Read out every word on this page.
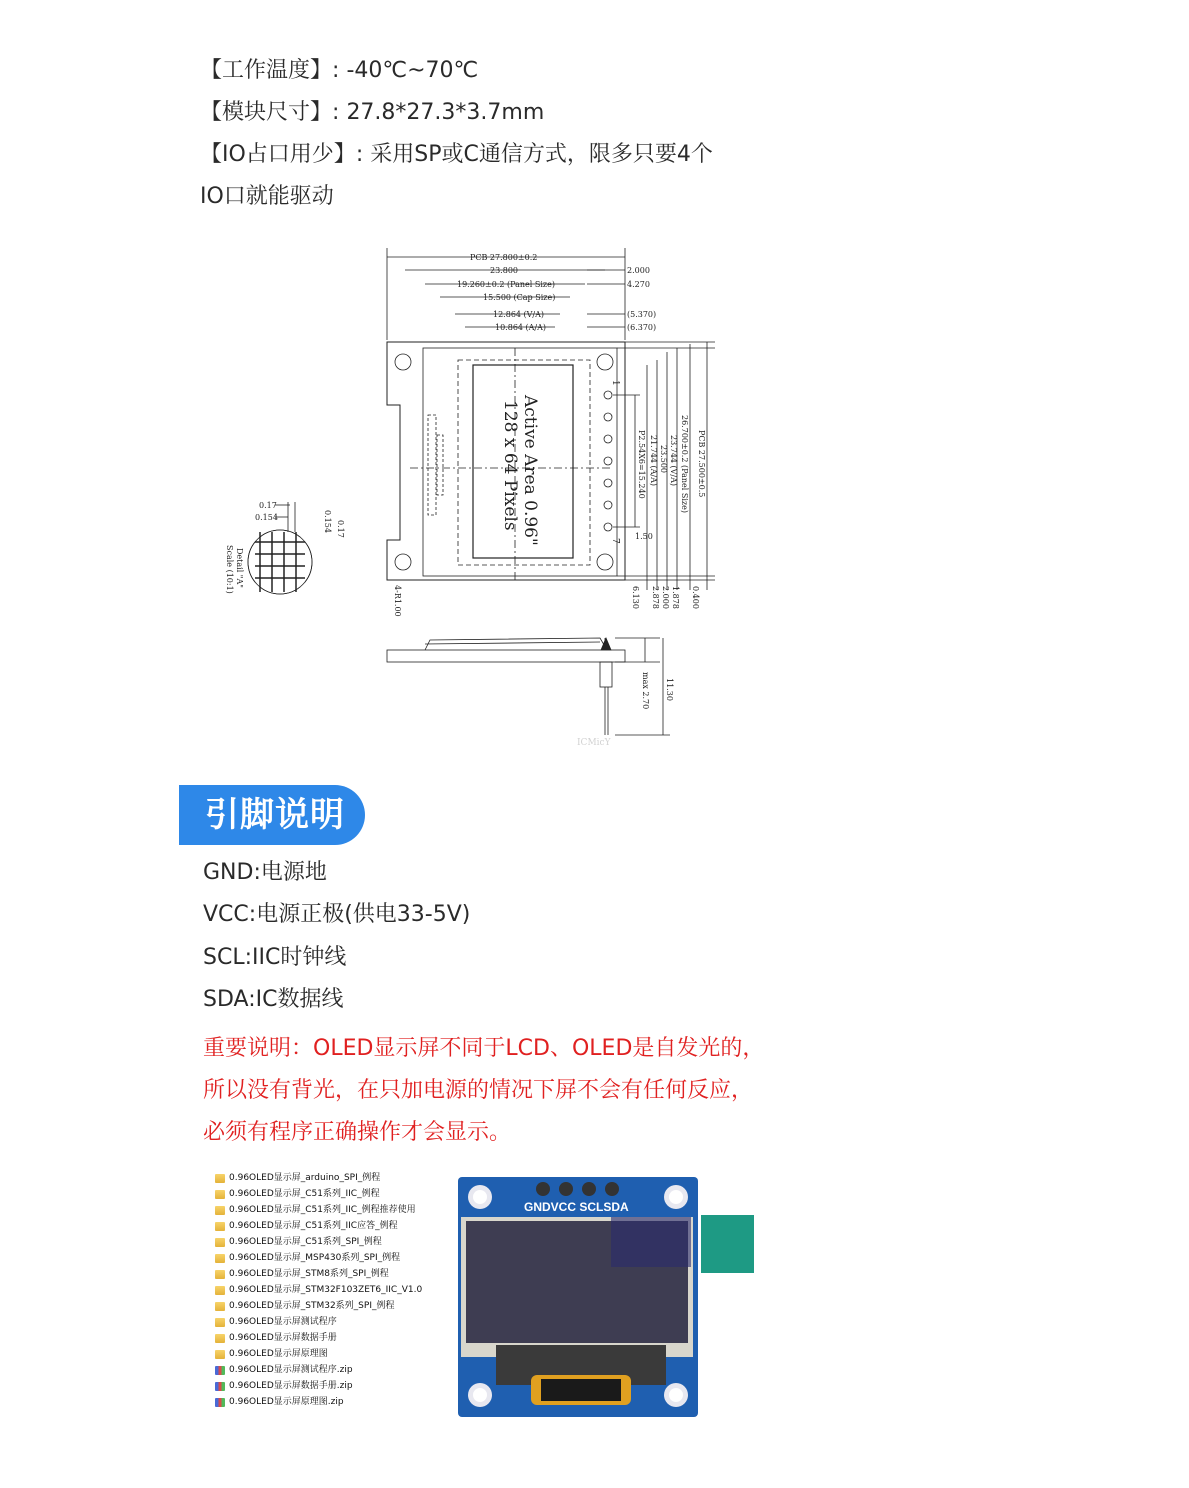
【工作温度】: -40℃~70℃
【模块尺寸】: 27.8*27.3*3.7mm
【IO占口用少】: 采用SP或C通信方式，限多只要4个
IO口就能驱动
PCB 27.800±0.2
23.800
19.260±0.2 (Panel Size)
15.500 (Cap Size)
12.864 (V/A)
10.864 (A/A)
2.000
4.270
(5.370)
(6.370)
Active Area 0.96"
128 x 64 Pixels
1
7 1.50
P2.54X6=15.240 21.744 (A/A) 23.500 23.744 (V/A) 26.700±0.2 (Panel Size) PCB 27.500±0.5
6.130 2.878 2.000 1.878 0.400
4-R1.00
0.17
0.154	0.154 0.17
Detail "A"
Scale (10:1)
max 2.70 11.30
ICMicY
引脚说明
GND:电源地
VCC:电源正极(供电33-5V)
SCL:IIC时钟线
SDA:IC数据线
重要说明：OLED显示屏不同于LCD、OLED是自发光的，所以没有背光，在只加电源的情况下屏不会有任何反应，必须有程序正确操作才会显示。
0.96OLED显示屏_arduino_SPI_例程
0.96OLED显示屏_C51系列_IIC_例程
0.96OLED显示屏_C51系列_IIC_例程推荐使用
0.96OLED显示屏_C51系列_IIC应答_例程
0.96OLED显示屏_C51系列_SPI_例程
0.96OLED显示屏_MSP430系列_SPI_例程
0.96OLED显示屏_STM8系列_SPI_例程
0.96OLED显示屏_STM32F103ZET6_IIC_V1.0
0.96OLED显示屏_STM32系列_SPI_例程
0.96OLED显示屏测试程序
0.96OLED显示屏数据手册
0.96OLED显示屏原理图
0.96OLED显示屏测试程序.zip
0.96OLED显示屏数据手册.zip
0.96OLED显示屏原理图.zip
GNDVCC SCLSDA
